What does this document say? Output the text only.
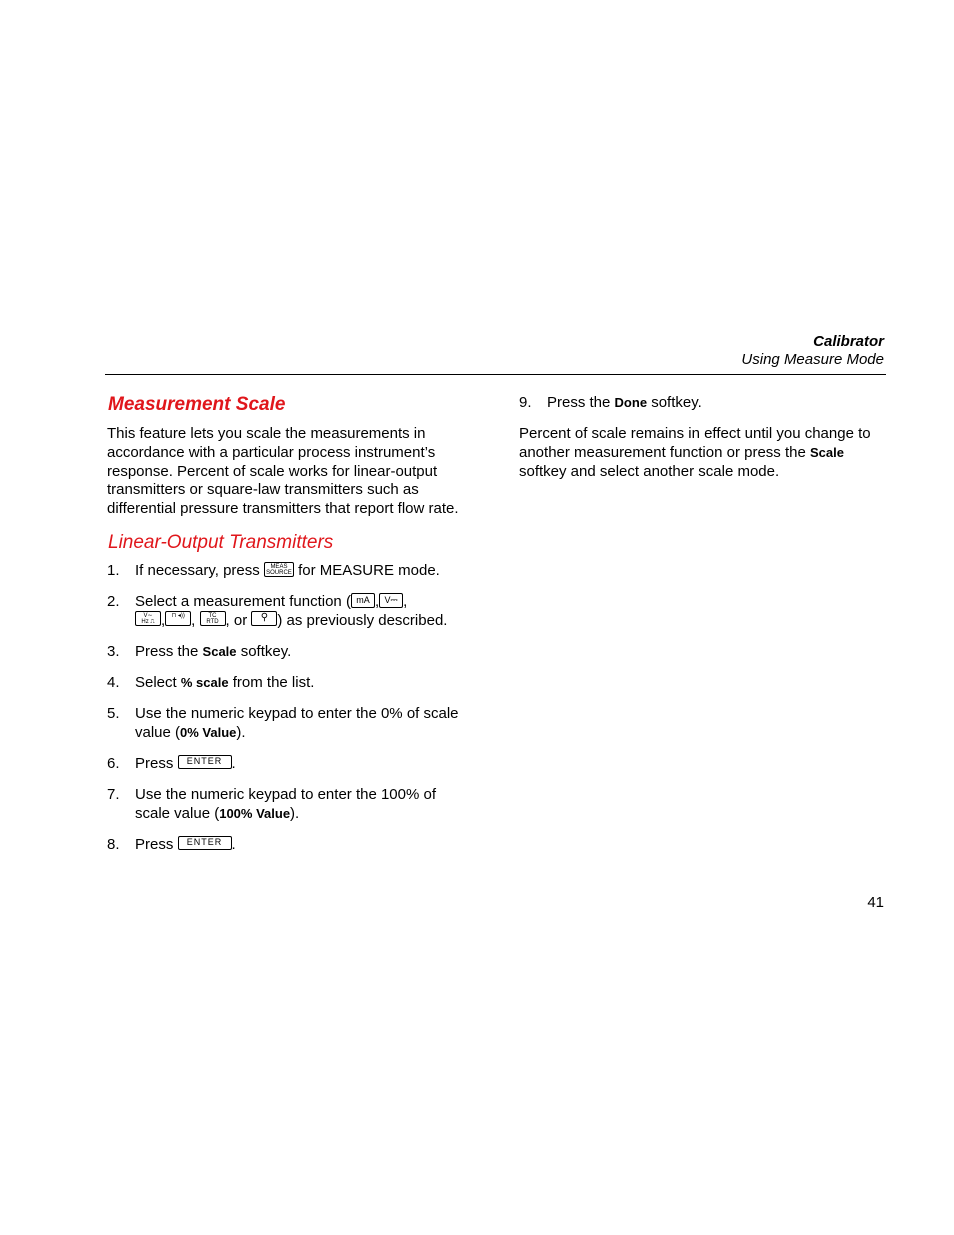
Calibrator
Using Measure Mode
Measurement Scale
This feature lets you scale the measurements in accordance with a particular process instrument’s response. Percent of scale works for linear-output transmitters or square-law transmitters such as differential pressure transmitters that report flow rate.
Linear-Output Transmitters
1. If necessary, press	MEAS
SOURCE for MEASURE mode.
2. Select a measurement function ( mA , V⎓ ,

V∼
Hz ⎍ , ⊓ ◂)) ,	TC
RTD , or ⚲ ) as previously described.
3. Press the Scale softkey.
4. Select % scale from the list.
5. Use the numeric keypad to enter the 0% of scale value (0% Value).
6. Press ENTER .
7. Use the numeric keypad to enter the 100% of scale value (100% Value).
8. Press ENTER .
9. Press the Done softkey.
Percent of scale remains in effect until you change to another measurement function or press the Scale softkey and select another scale mode.
41
